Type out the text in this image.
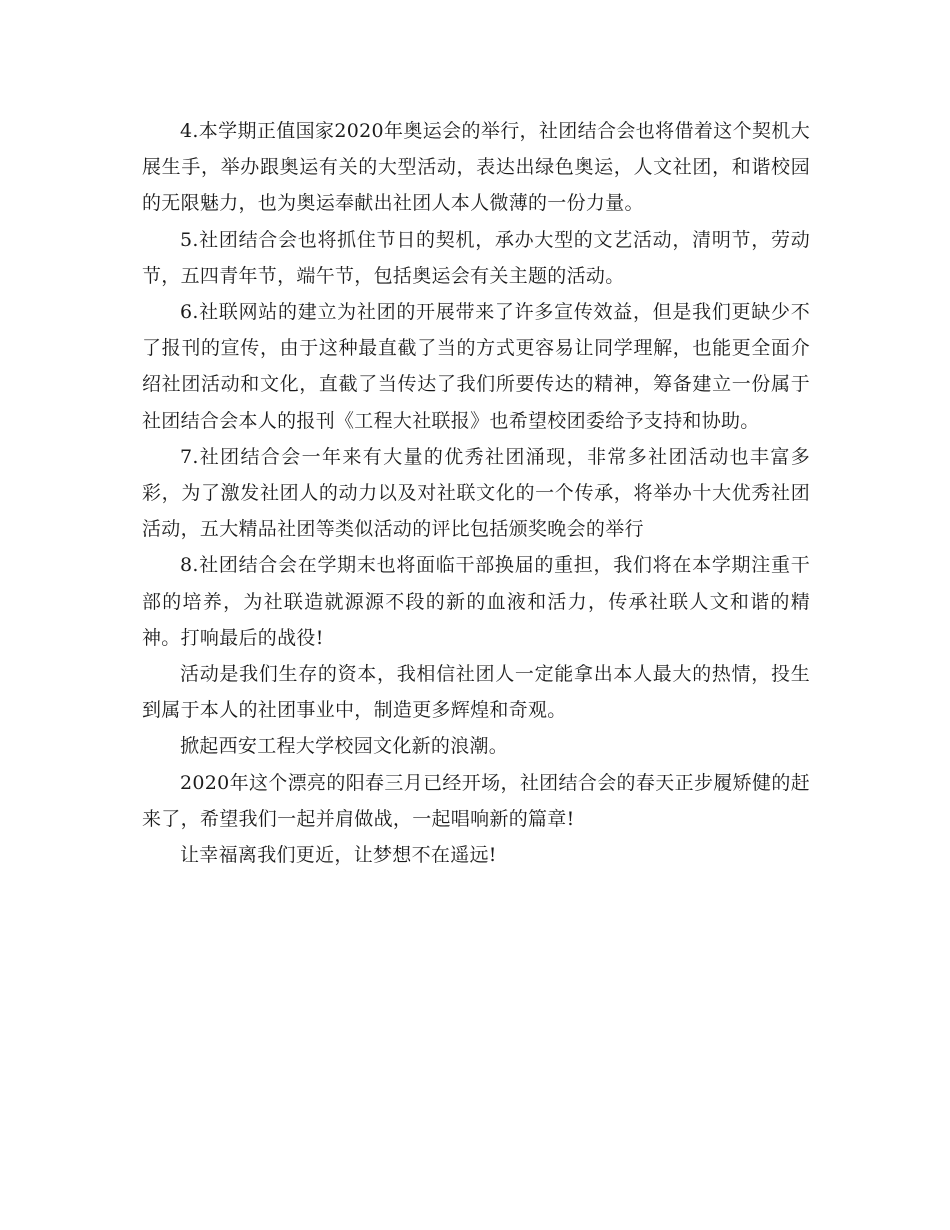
4.本学期正值国家2020年奥运会的举行，社团结合会也将借着这个契机大展生手，举办跟奥运有关的大型活动，表达出绿色奥运，人文社团，和谐校园的无限魅力，也为奥运奉献出社团人本人微薄的一份力量。

5.社团结合会也将抓住节日的契机，承办大型的文艺活动，清明节，劳动节，五四青年节，端午节，包括奥运会有关主题的活动。

6.社联网站的建立为社团的开展带来了许多宣传效益，但是我们更缺少不了报刊的宣传，由于这种最直截了当的方式更容易让同学理解，也能更全面介绍社团活动和文化，直截了当传达了我们所要传达的精神，筹备建立一份属于社团结合会本人的报刊《工程大社联报》也希望校团委给予支持和协助。

7.社团结合会一年来有大量的优秀社团涌现，非常多社团活动也丰富多彩，为了激发社团人的动力以及对社联文化的一个传承，将举办十大优秀社团活动，五大精品社团等类似活动的评比包括颁奖晚会的举行

8.社团结合会在学期末也将面临干部换届的重担，我们将在本学期注重干部的培养，为社联造就源源不段的新的血液和活力，传承社联人文和谐的精神。打响最后的战役!

活动是我们生存的资本，我相信社团人一定能拿出本人最大的热情，投生到属于本人的社团事业中，制造更多辉煌和奇观。

掀起西安工程大学校园文化新的浪潮。

2020年这个漂亮的阳春三月已经开场，社团结合会的春天正步履矫健的赶来了，希望我们一起并肩做战，一起唱响新的篇章!

让幸福离我们更近，让梦想不在遥远!
